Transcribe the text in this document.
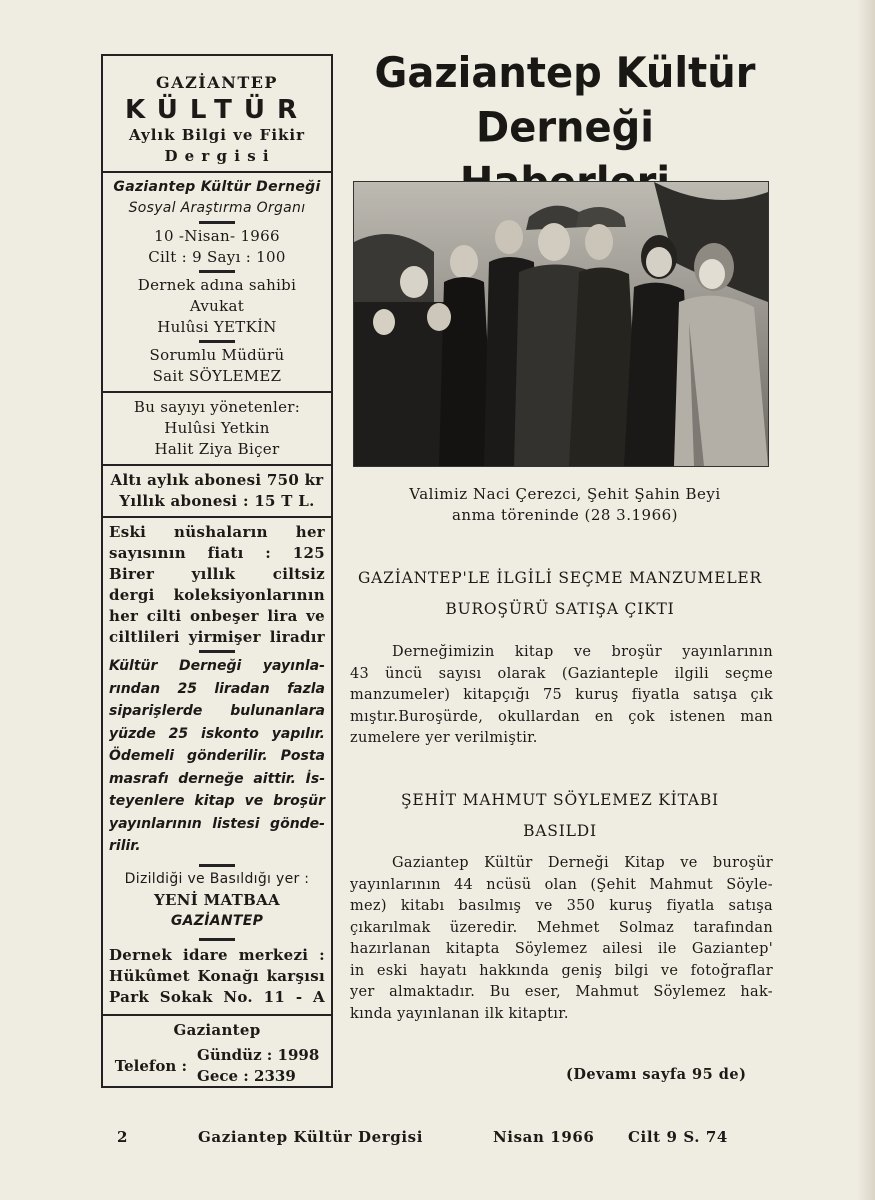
GAZİANTEP
KÜLTÜR
Aylık Bilgi ve Fikir
D e r g i s i
Gaziantep Kültür Derneği
Sosyal Araştırma Organı
10 -Nisan- 1966
Cilt : 9 Sayı : 100
Dernek adına sahibi
Avukat
Hulûsi YETKİN
Sorumlu Müdürü
Sait SÖYLEMEZ
Bu sayıyı yönetenler:
Hulûsi Yetkin
Halit Ziya Biçer
Altı aylık abonesi 750 kr
Yıllık abonesi : 15 T L.
Eski nüshaların her
sayısının fiatı : 125
Birer yıllık ciltsiz
dergi koleksiyonlarının
her cilti onbeşer lira ve
ciltlileri yirmişer liradır
Kültür Derneği yayınla-
rından 25 liradan fazla
siparişlerde bulunanlara
yüzde 25 iskonto yapılır.
Ödemeli gönderilir. Posta
masrafı derneğe aittir. İs-
teyenlere kitap ve broşür
yayınlarının listesi gönde-
rilir.
Dizildiği ve Basıldığı yer :
YENİ MATBAA
GAZİANTEP
Dernek idare merkezi :
Hükûmet Konağı karşısı
Park Sokak No. 11 - A
Gaziantep
Telefon :
Gündüz : 1998
Gece : 2339
Gaziantep Kültür Derneği
Valimiz Naci Çerezci, Şehit Şahin Beyi
anma töreninde (28 3.1966)
GAZİANTEP'LE İLGİLİ SEÇME MANZUMELER
BUROŞÜRÜ SATIŞA ÇIKTI
Derneğimizin kitap ve broşür yayınlarının
43 üncü sayısı olarak (Gazianteple ilgili seçme
manzumeler) kitapçığı 75 kuruş fiyatla satışa çık
mıştır.Buroşürde, okullardan en çok istenen man
zumelere yer verilmiştir.
ŞEHİT MAHMUT SÖYLEMEZ KİTABI
BASILDI
Gaziantep Kültür Derneği Kitap ve buroşür
yayınlarının 44 ncüsü olan (Şehit Mahmut Söyle-
mez) kitabı basılmış ve 350 kuruş fiyatla satışa
çıkarılmak üzeredir. Mehmet Solmaz tarafından
hazırlanan kitapta Söylemez ailesi ile Gaziantep'
in eski hayatı hakkında geniş bilgi ve fotoğraflar
yer almaktadır. Bu eser, Mahmut Söylemez hak-
kında yayınlanan ilk kitaptır.
(Devamı sayfa 95 de)
2	Gaziantep Kültür Dergisi	Nisan 1966 Cilt 9 S. 74
